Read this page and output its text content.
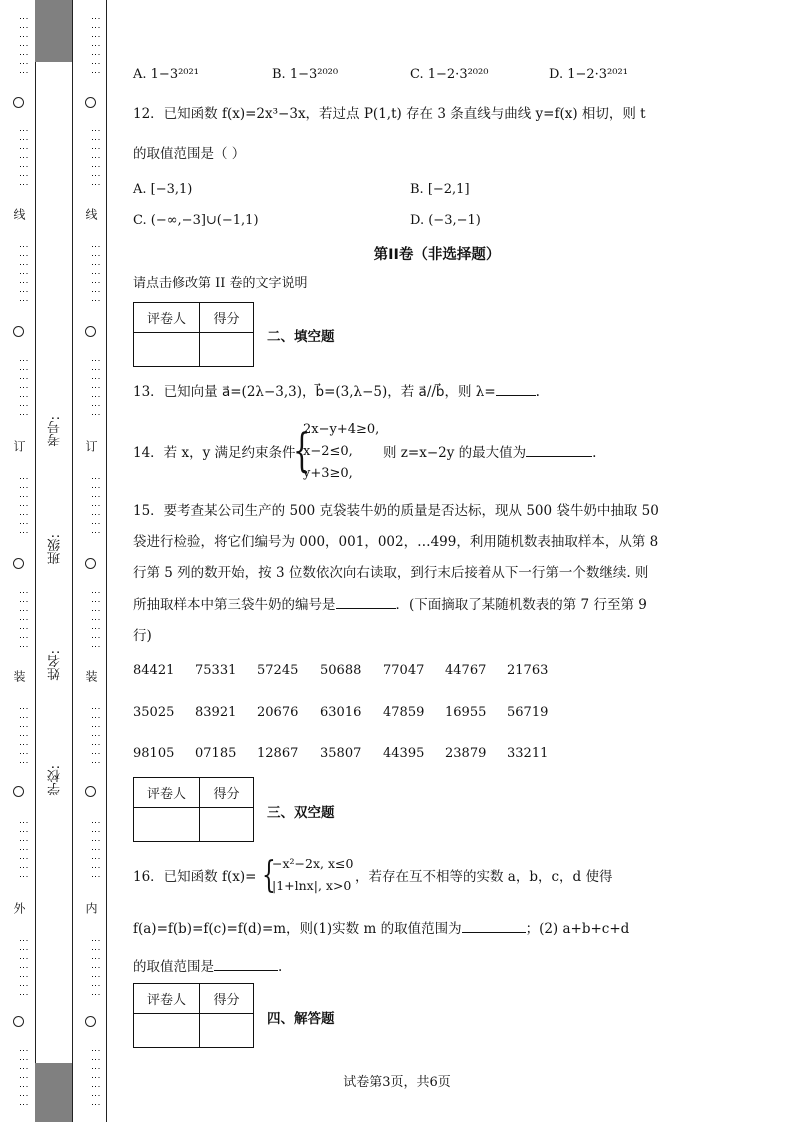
⋮⋮⋮⋮⋮⋮⋮
⋮⋮⋮⋮⋮⋮⋮
线
⋮⋮⋮⋮⋮⋮⋮
⋮⋮⋮⋮⋮⋮⋮
订
⋮⋮⋮⋮⋮⋮⋮
⋮⋮⋮⋮⋮⋮⋮
装
⋮⋮⋮⋮⋮⋮⋮
⋮⋮⋮⋮⋮⋮⋮
外
⋮⋮⋮⋮⋮⋮⋮
⋮⋮⋮⋮⋮⋮⋮
考号:
班级:
姓名:
学校:
⋮⋮⋮⋮⋮⋮⋮
⋮⋮⋮⋮⋮⋮⋮
线
⋮⋮⋮⋮⋮⋮⋮
⋮⋮⋮⋮⋮⋮⋮
订
⋮⋮⋮⋮⋮⋮⋮
⋮⋮⋮⋮⋮⋮⋮
装
⋮⋮⋮⋮⋮⋮⋮
⋮⋮⋮⋮⋮⋮⋮
内
⋮⋮⋮⋮⋮⋮⋮
⋮⋮⋮⋮⋮⋮⋮
A. 1−3²⁰²¹	B. 1−3²⁰²⁰	C. 1−2·3²⁰²⁰	D. 1−2·3²⁰²¹
12．已知函数 f(x)=2x³−3x，若过点 P(1,t) 存在 3 条直线与曲线 y=f(x) 相切，则 t
的取值范围是（ ）
A. [−3,1)	B. [−2,1]
C. (−∞,−3]∪(−1,1)	D. (−3,−1)
第II卷（非选择题）
请点击修改第 II 卷的文字说明
评卷人	得分

二、填空题
13．已知向量 a⃗=(2λ−3,3)，b⃗=(3,λ−5)，若 a⃗//b⃗，则 λ=	.
14．若 x，y 满足约束条件
{
2x−y+4≥0,
x−2≤0,
y+3≥0,
则 z=x−2y 的最大值为	.
15．要考查某公司生产的 500 克袋装牛奶的质量是否达标，现从 500 袋牛奶中抽取 50
袋进行检验，将它们编号为 000，001，002，…499，利用随机数表抽取样本，从第 8
行第 5 列的数开始，按 3 位数依次向右读取，到行末后接着从下一行第一个数继续. 则
所抽取样本中第三袋牛奶的编号是	．(下面摘取了某随机数表的第 7 行至第 9
行)
84421 75331 57245 50688 77047 44767 21763
35025 83921 20676 63016 47859 16955 56719
98105 07185 12867 35807 44395 23879 33211
评卷人	得分

三、双空题
16．已知函数 f(x)= {
−x²−2x, x≤0
|1+lnx|, x>0
，若存在互不相等的实数 a，b，c，d 使得
f(a)=f(b)=f(c)=f(d)=m，则(1)实数 m 的取值范围为	；(2) a+b+c+d
的取值范围是	.
评卷人	得分

四、解答题
试卷第3页，共6页
